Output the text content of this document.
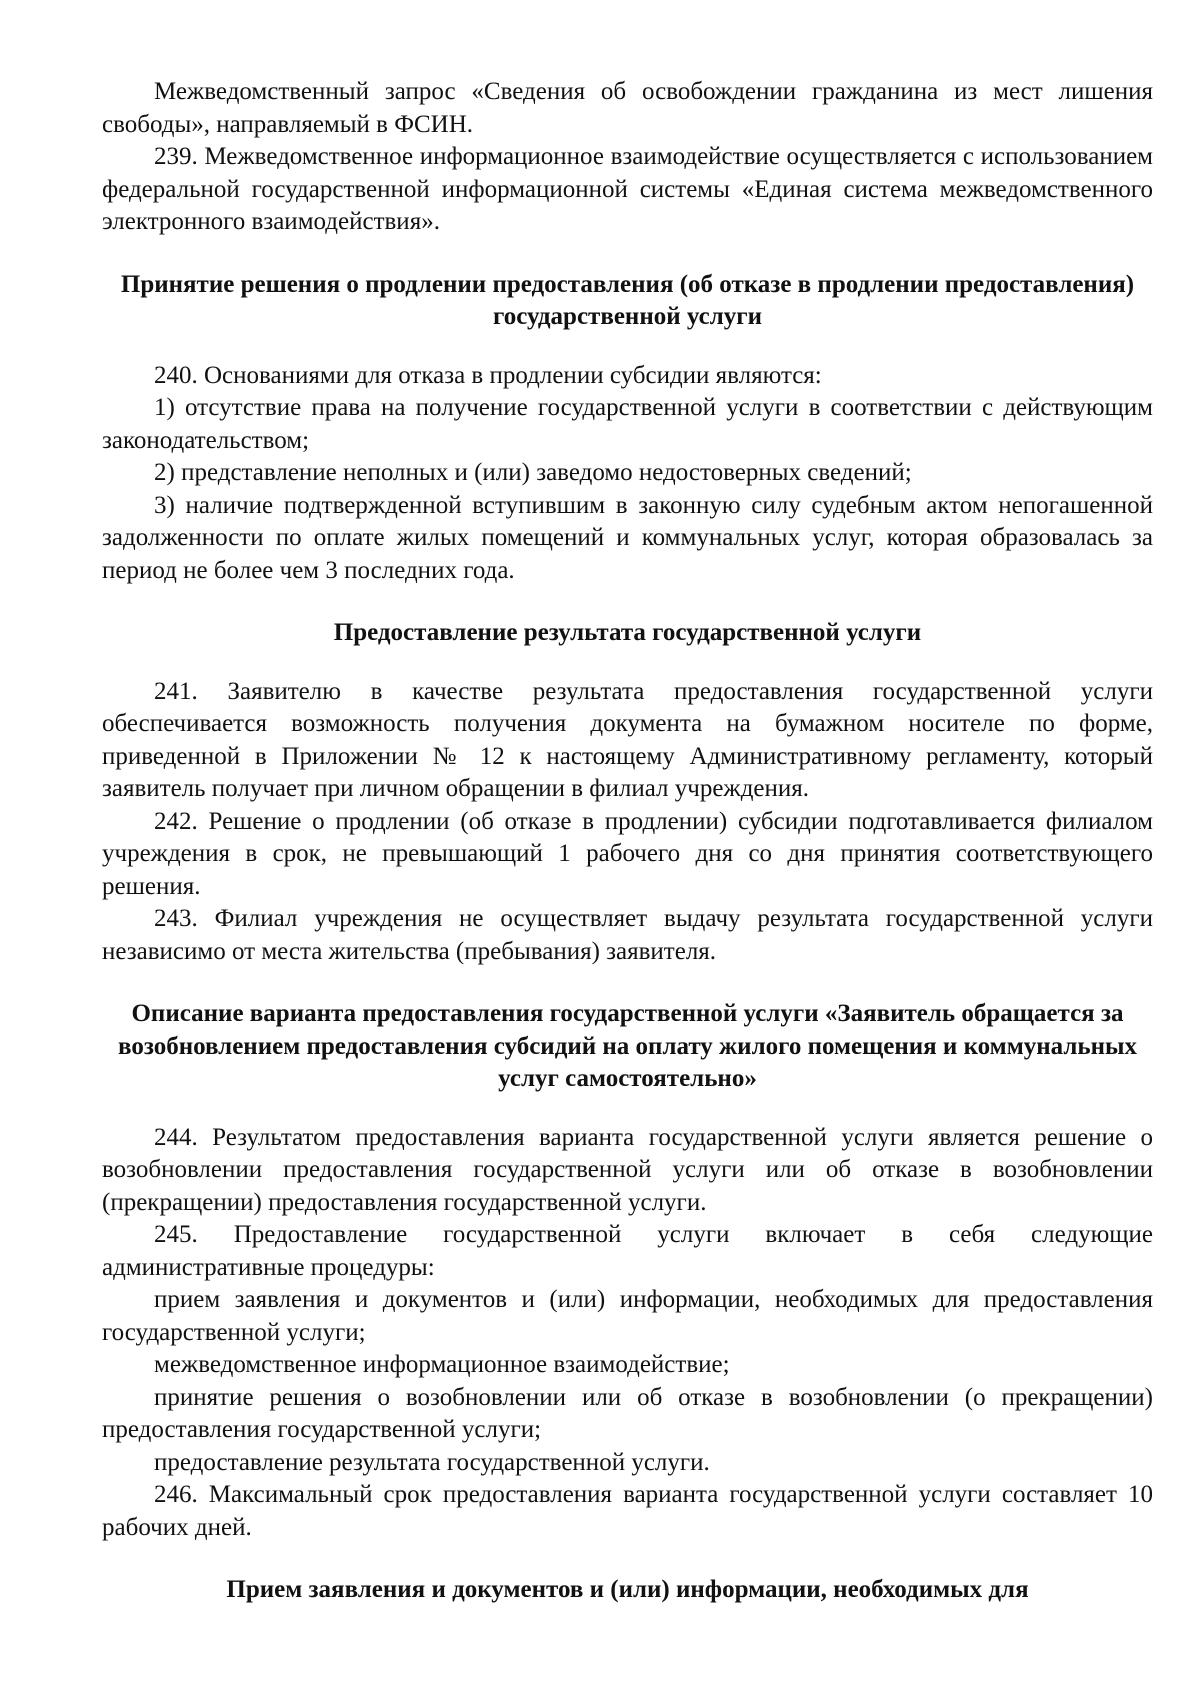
Межведомственный запрос «Сведения об освобождении гражданина из мест лишения свободы», направляемый в ФСИН.

239. Межведомственное информационное взаимодействие осуществляется с использованием федеральной государственной информационной системы «Единая система межведомственного электронного взаимодействия».

Принятие решения о продлении предоставления (об отказе в продлении предоставления) государственной услуги

240. Основаниями для отказа в продлении субсидии являются:

1) отсутствие права на получение государственной услуги в соответствии с действующим законодательством;

2) представление неполных и (или) заведомо недостоверных сведений;

3) наличие подтвержденной вступившим в законную силу судебным актом непогашенной задолженности по оплате жилых помещений и коммунальных услуг, которая образовалась за период не более чем 3 последних года.

Предоставление результата государственной услуги

241. Заявителю в качестве результата предоставления государственной услуги обеспечивается возможность получения документа на бумажном носителе по форме, приведенной в Приложении № 12 к настоящему Административному регламенту, который заявитель получает при личном обращении в филиал учреждения.

242. Решение о продлении (об отказе в продлении) субсидии подготавливается филиалом учреждения в срок, не превышающий 1 рабочего дня со дня принятия соответствующего решения.

243. Филиал учреждения не осуществляет выдачу результата государственной услуги независимо от места жительства (пребывания) заявителя.

Описание варианта предоставления государственной услуги «Заявитель обращается за возобновлением предоставления субсидий на оплату жилого помещения и коммунальных услуг самостоятельно»

244. Результатом предоставления варианта государственной услуги является решение о возобновлении предоставления государственной услуги или об отказе в возобновлении (прекращении) предоставления государственной услуги.

245. Предоставление государственной услуги включает в себя следующие административные процедуры:

прием заявления и документов и (или) информации, необходимых для предоставления государственной услуги;

межведомственное информационное взаимодействие;

принятие решения о возобновлении или об отказе в возобновлении (о прекращении) предоставления государственной услуги;

предоставление результата государственной услуги.

246. Максимальный срок предоставления варианта государственной услуги составляет 10 рабочих дней.

Прием заявления и документов и (или) информации, необходимых для
